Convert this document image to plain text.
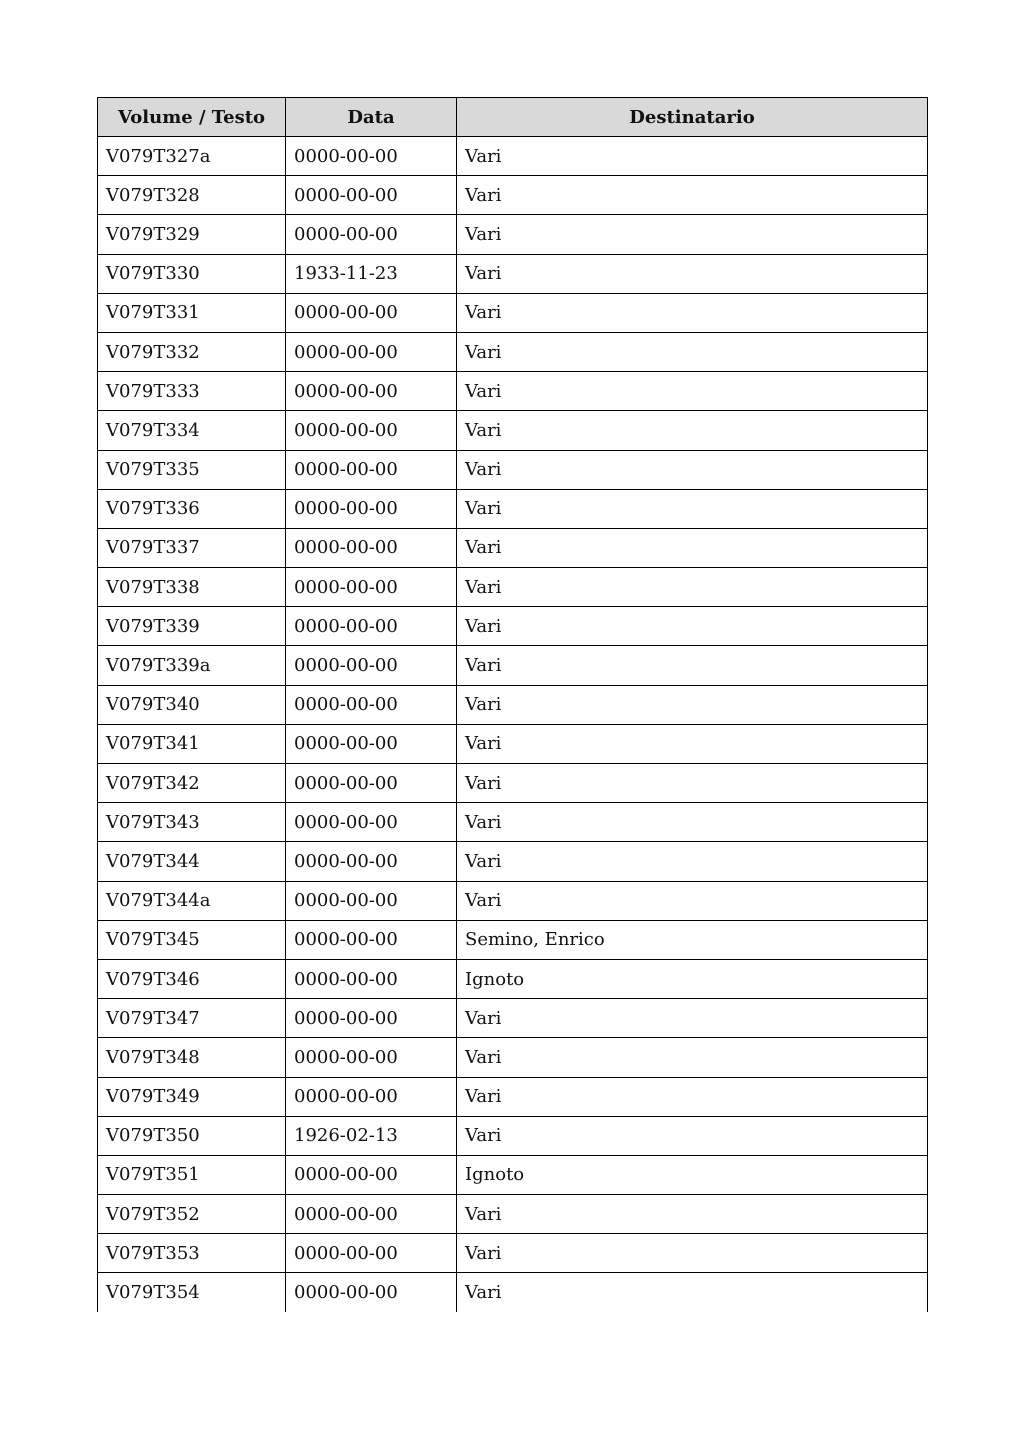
Volume / Testo	Data	Destinatario
V079T327a	0000-00-00	Vari
V079T328	0000-00-00	Vari
V079T329	0000-00-00	Vari
V079T330	1933-11-23	Vari
V079T331	0000-00-00	Vari
V079T332	0000-00-00	Vari
V079T333	0000-00-00	Vari
V079T334	0000-00-00	Vari
V079T335	0000-00-00	Vari
V079T336	0000-00-00	Vari
V079T337	0000-00-00	Vari
V079T338	0000-00-00	Vari
V079T339	0000-00-00	Vari
V079T339a	0000-00-00	Vari
V079T340	0000-00-00	Vari
V079T341	0000-00-00	Vari
V079T342	0000-00-00	Vari
V079T343	0000-00-00	Vari
V079T344	0000-00-00	Vari
V079T344a	0000-00-00	Vari
V079T345	0000-00-00	Semino, Enrico
V079T346	0000-00-00	Ignoto
V079T347	0000-00-00	Vari
V079T348	0000-00-00	Vari
V079T349	0000-00-00	Vari
V079T350	1926-02-13	Vari
V079T351	0000-00-00	Ignoto
V079T352	0000-00-00	Vari
V079T353	0000-00-00	Vari
V079T354	0000-00-00	Vari
